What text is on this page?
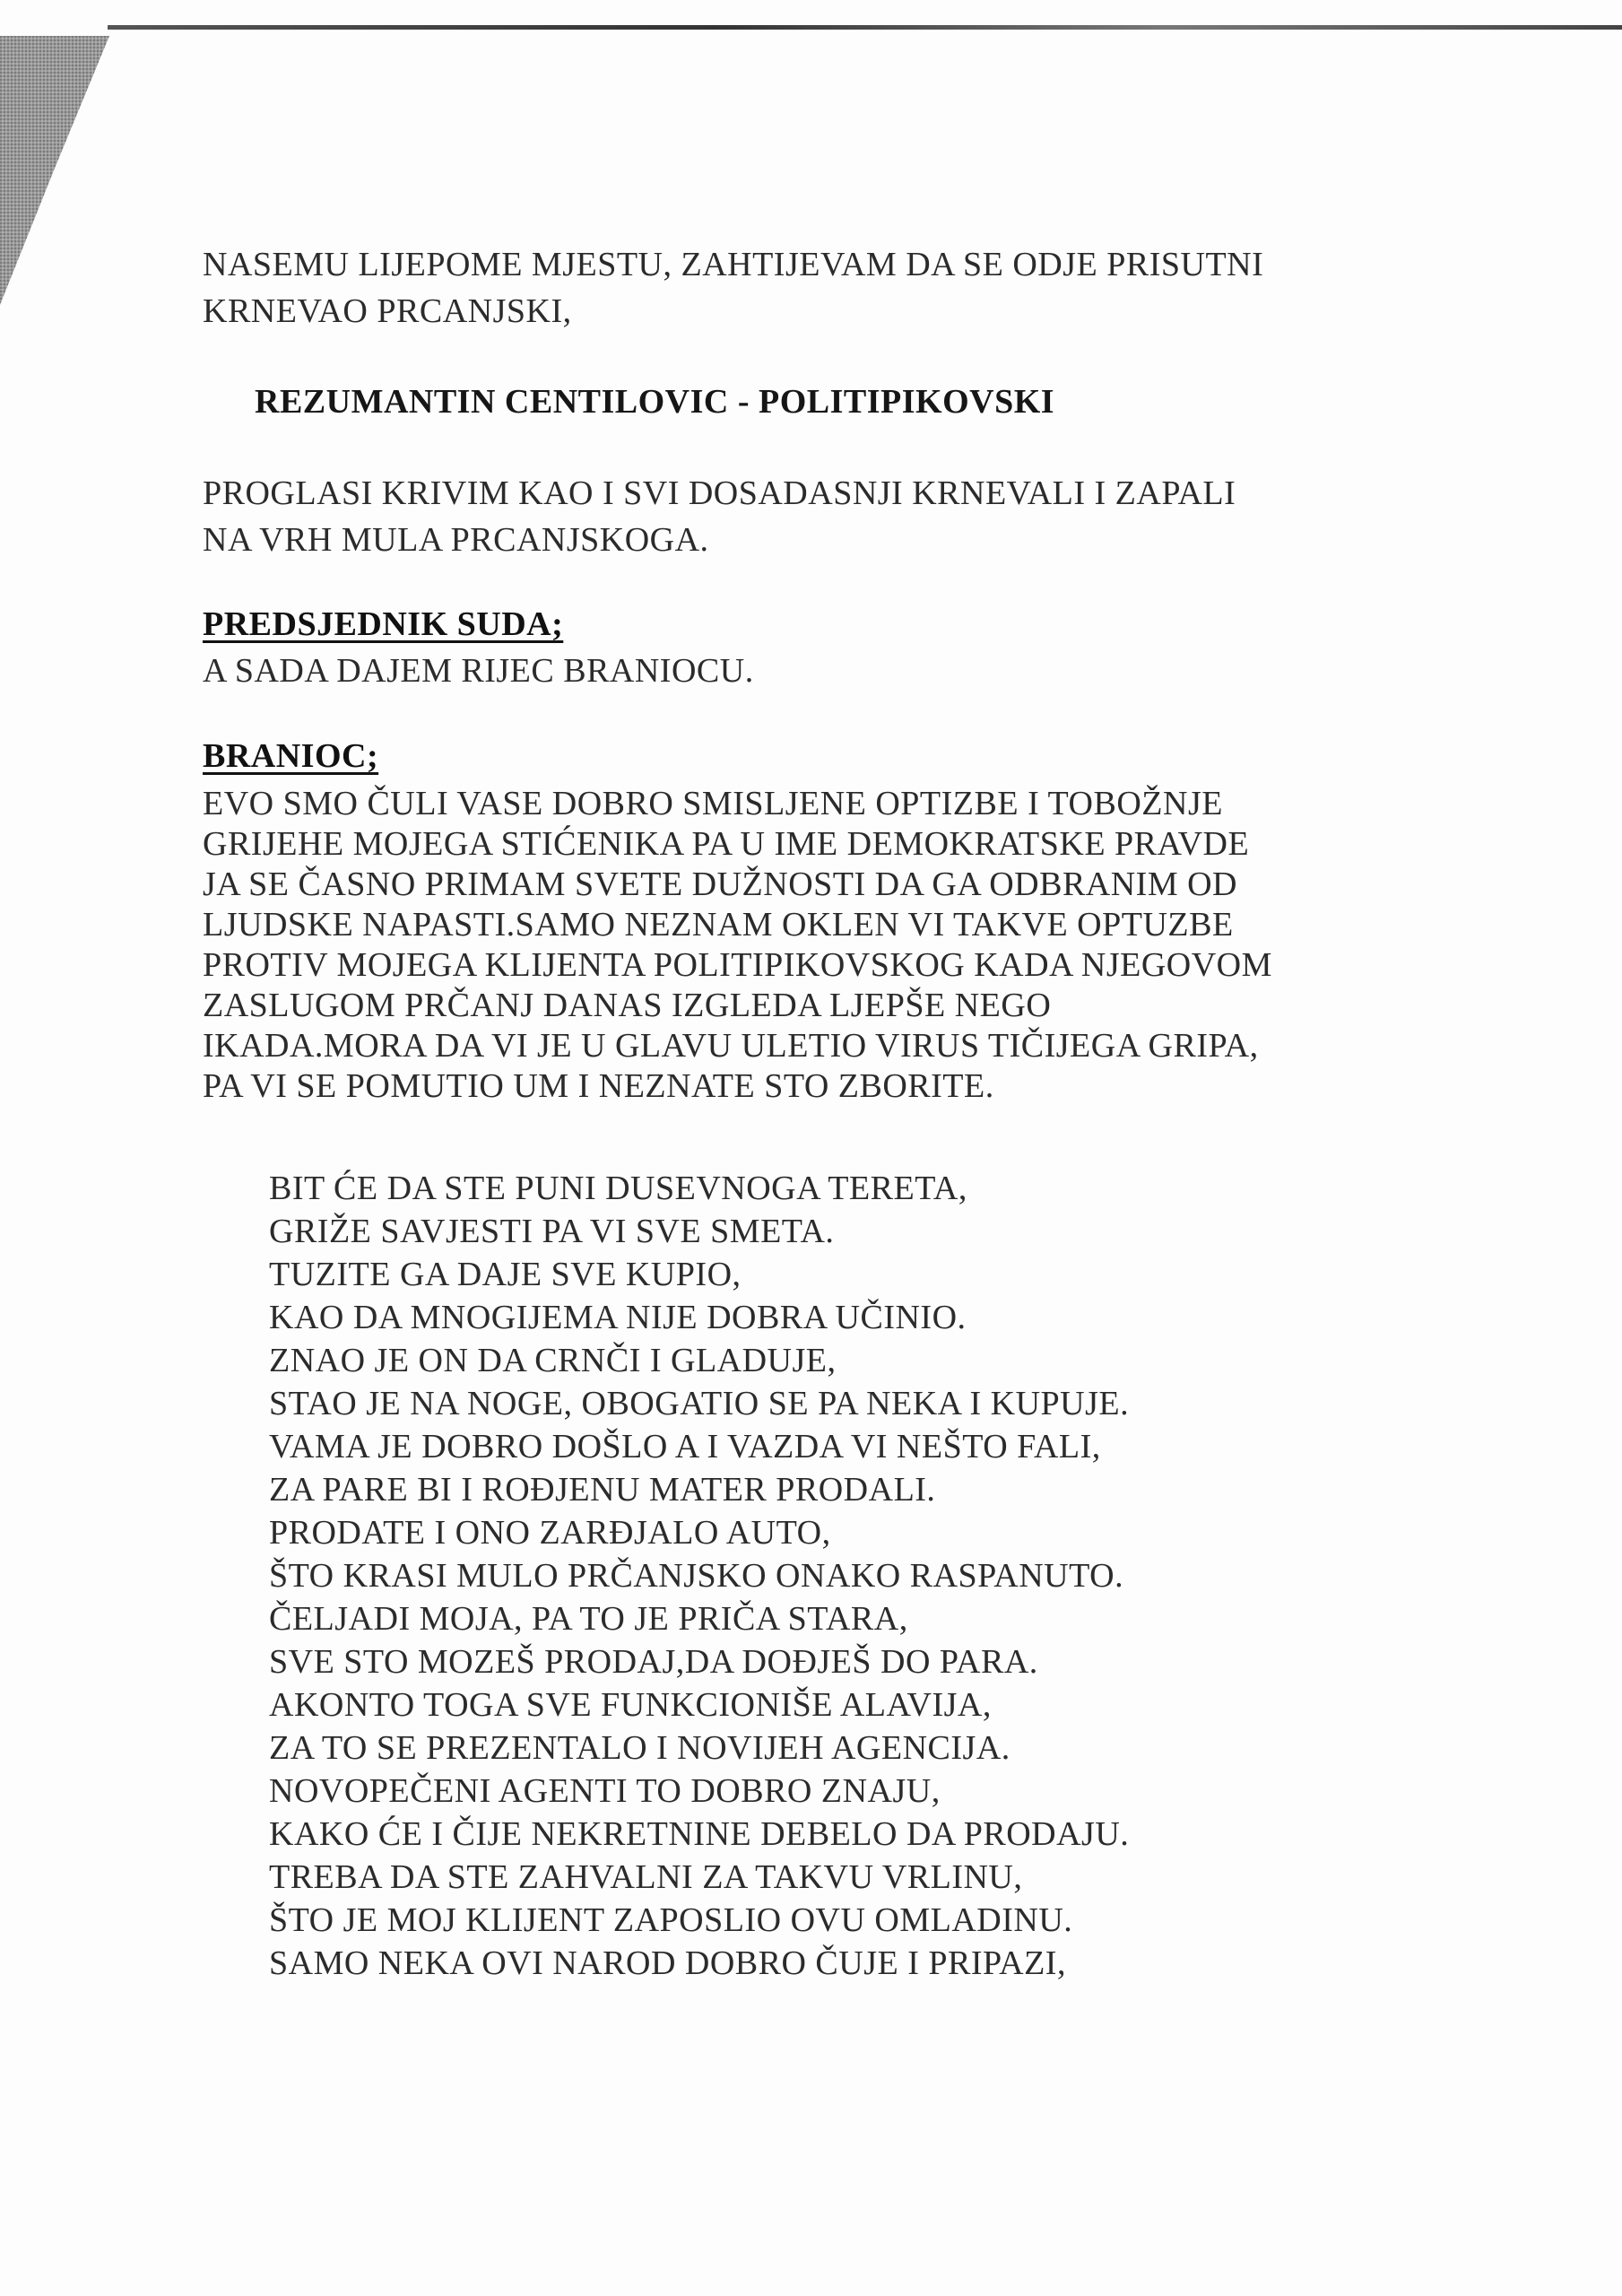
NASEMU LIJEPOME MJESTU, ZAHTIJEVAM DA SE ODJE PRISUTNI
KRNEVAO PRCANJSKI,
REZUMANTIN CENTILOVIC - POLITIPIKOVSKI
PROGLASI KRIVIM KAO I SVI DOSADASNJI KRNEVALI I ZAPALI
NA VRH MULA PRCANJSKOGA.
PREDSJEDNIK SUDA;
A SADA DAJEM RIJEC BRANIOCU.
BRANIOC;
EVO SMO ČULI VASE DOBRO SMISLJENE OPTIZBE I TOBOŽNJE
GRIJEHE MOJEGA STIĆENIKA PA U IME DEMOKRATSKE PRAVDE
JA SE ČASNO PRIMAM SVETE DUŽNOSTI DA GA ODBRANIM OD
LJUDSKE NAPASTI.SAMO NEZNAM OKLEN VI TAKVE OPTUZBE
PROTIV MOJEGA KLIJENTA POLITIPIKOVSKOG KADA NJEGOVOM
ZASLUGOM PRČANJ DANAS IZGLEDA LJEPŠE NEGO
IKADA.MORA DA VI JE U GLAVU ULETIO VIRUS TIČIJEGA GRIPA,
PA VI SE POMUTIO UM I NEZNATE STO ZBORITE.
BIT ĆE DA STE PUNI DUSEVNOGA TERETA,
GRIŽE SAVJESTI PA VI SVE SMETA.
TUZITE GA DAJE SVE KUPIO,
KAO DA MNOGIJEMA NIJE DOBRA UČINIO.
ZNAO JE ON DA CRNČI I GLADUJE,
STAO JE NA NOGE, OBOGATIO SE PA NEKA I KUPUJE.
VAMA JE DOBRO DOŠLO A I VAZDA VI NEŠTO FALI,
ZA PARE BI I ROĐJENU MATER PRODALI.
PRODATE I ONO ZARĐJALO AUTO,
ŠTO KRASI MULO PRČANJSKO ONAKO RASPANUTO.
ČELJADI MOJA, PA TO JE PRIČA STARA,
SVE STO MOZEŠ PRODAJ,DA DOĐJEŠ DO PARA.
AKONTO TOGA SVE FUNKCIONIŠE ALAVIJA,
ZA TO SE PREZENTALO I NOVIJEH AGENCIJA.
NOVOPEČENI AGENTI TO DOBRO ZNAJU,
KAKO ĆE I ČIJE NEKRETNINE DEBELO DA PRODAJU.
TREBA DA STE ZAHVALNI ZA TAKVU VRLINU,
ŠTO JE MOJ KLIJENT ZAPOSLIO OVU OMLADINU.
SAMO NEKA OVI NAROD DOBRO ČUJE I PRIPAZI,
